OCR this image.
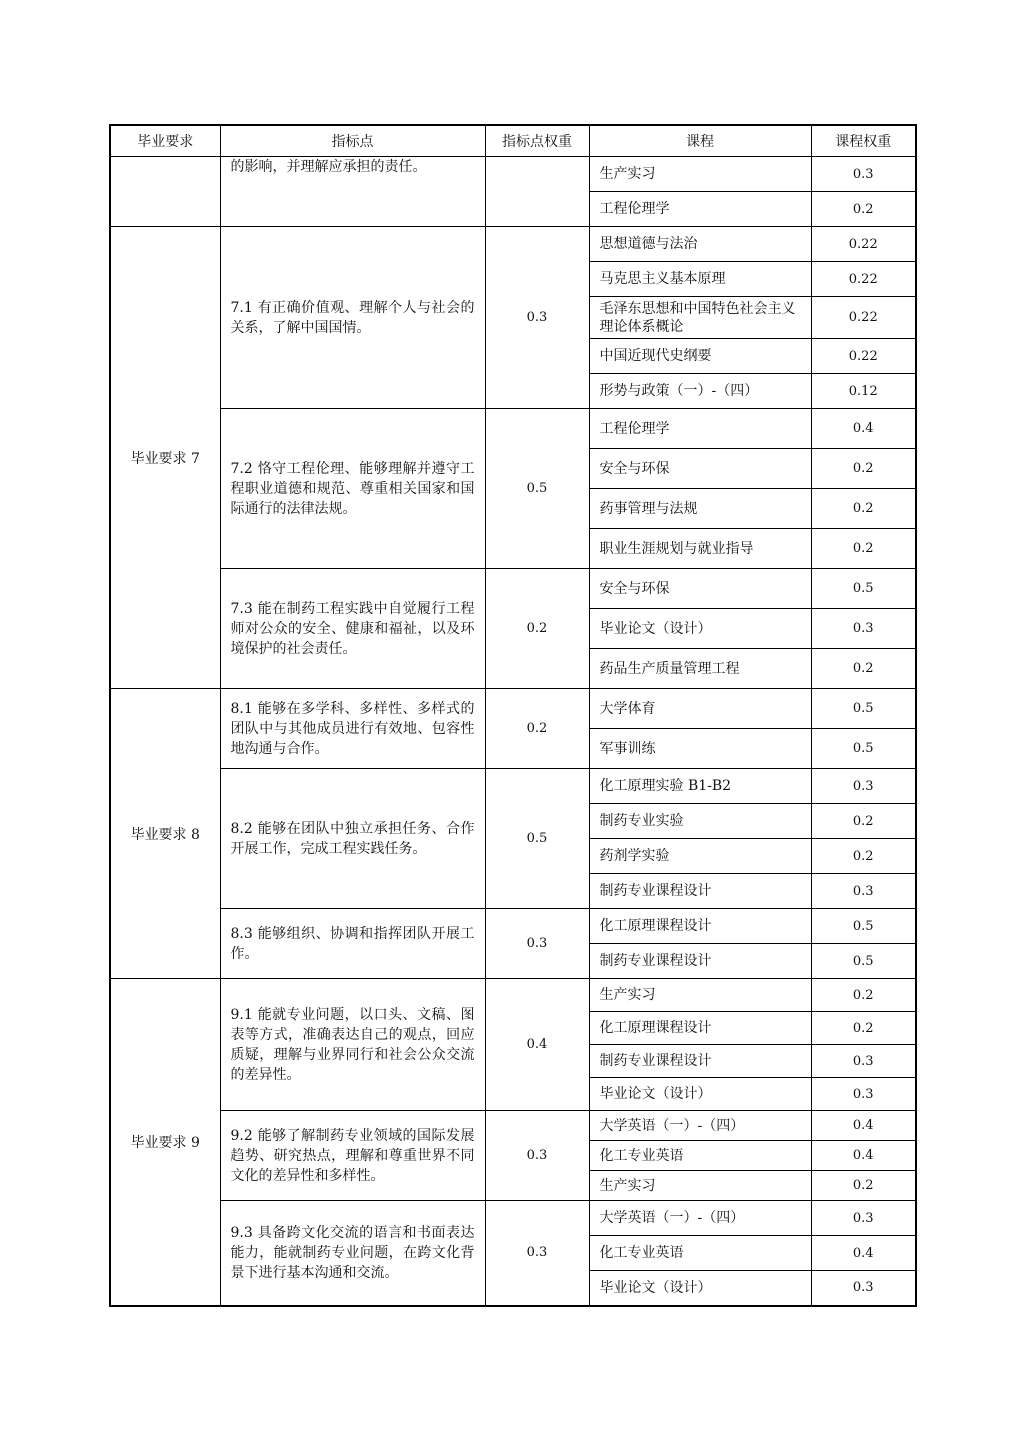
毕业要求	指标点	指标点权重	课程	课程权重
	的影响，并理解应承担的责任。		生产实习	0.3
			工程伦理学	0.2
毕业要求 7	7.1 有正确价值观、理解个人与社会的关系，了解中国国情。	0.3	思想道德与法治	0.22
			马克思主义基本原理	0.22
			毛泽东思想和中国特色社会主义理论体系概论	0.22
			中国近现代史纲要	0.22
			形势与政策（一）-（四）	0.12
	7.2 恪守工程伦理、能够理解并遵守工程职业道德和规范、尊重相关国家和国际通行的法律法规。	0.5	工程伦理学	0.4
			安全与环保	0.2
			药事管理与法规	0.2
			职业生涯规划与就业指导	0.2
	7.3 能在制药工程实践中自觉履行工程师对公众的安全、健康和福祉，以及环境保护的社会责任。	0.2	安全与环保	0.5
			毕业论文（设计）	0.3
			药品生产质量管理工程	0.2
毕业要求 8	8.1 能够在多学科、多样性、多样式的团队中与其他成员进行有效地、包容性地沟通与合作。	0.2	大学体育	0.5
			军事训练	0.5
	8.2 能够在团队中独立承担任务、合作开展工作，完成工程实践任务。	0.5	化工原理实验 B1-B2	0.3
			制药专业实验	0.2
			药剂学实验	0.2
			制药专业课程设计	0.3
	8.3 能够组织、协调和指挥团队开展工作。	0.3	化工原理课程设计	0.5
			制药专业课程设计	0.5
毕业要求 9	9.1 能就专业问题，以口头、文稿、图表等方式，准确表达自己的观点，回应质疑，理解与业界同行和社会公众交流的差异性。	0.4	生产实习	0.2
			化工原理课程设计	0.2
			制药专业课程设计	0.3
			毕业论文（设计）	0.3
	9.2 能够了解制药专业领域的国际发展趋势、研究热点，理解和尊重世界不同文化的差异性和多样性。	0.3	大学英语（一）-（四）	0.4
			化工专业英语	0.4
			生产实习	0.2
	9.3 具备跨文化交流的语言和书面表达能力，能就制药专业问题，在跨文化背景下进行基本沟通和交流。	0.3	大学英语（一）-（四）	0.3
			化工专业英语	0.4
			毕业论文（设计）	0.3
